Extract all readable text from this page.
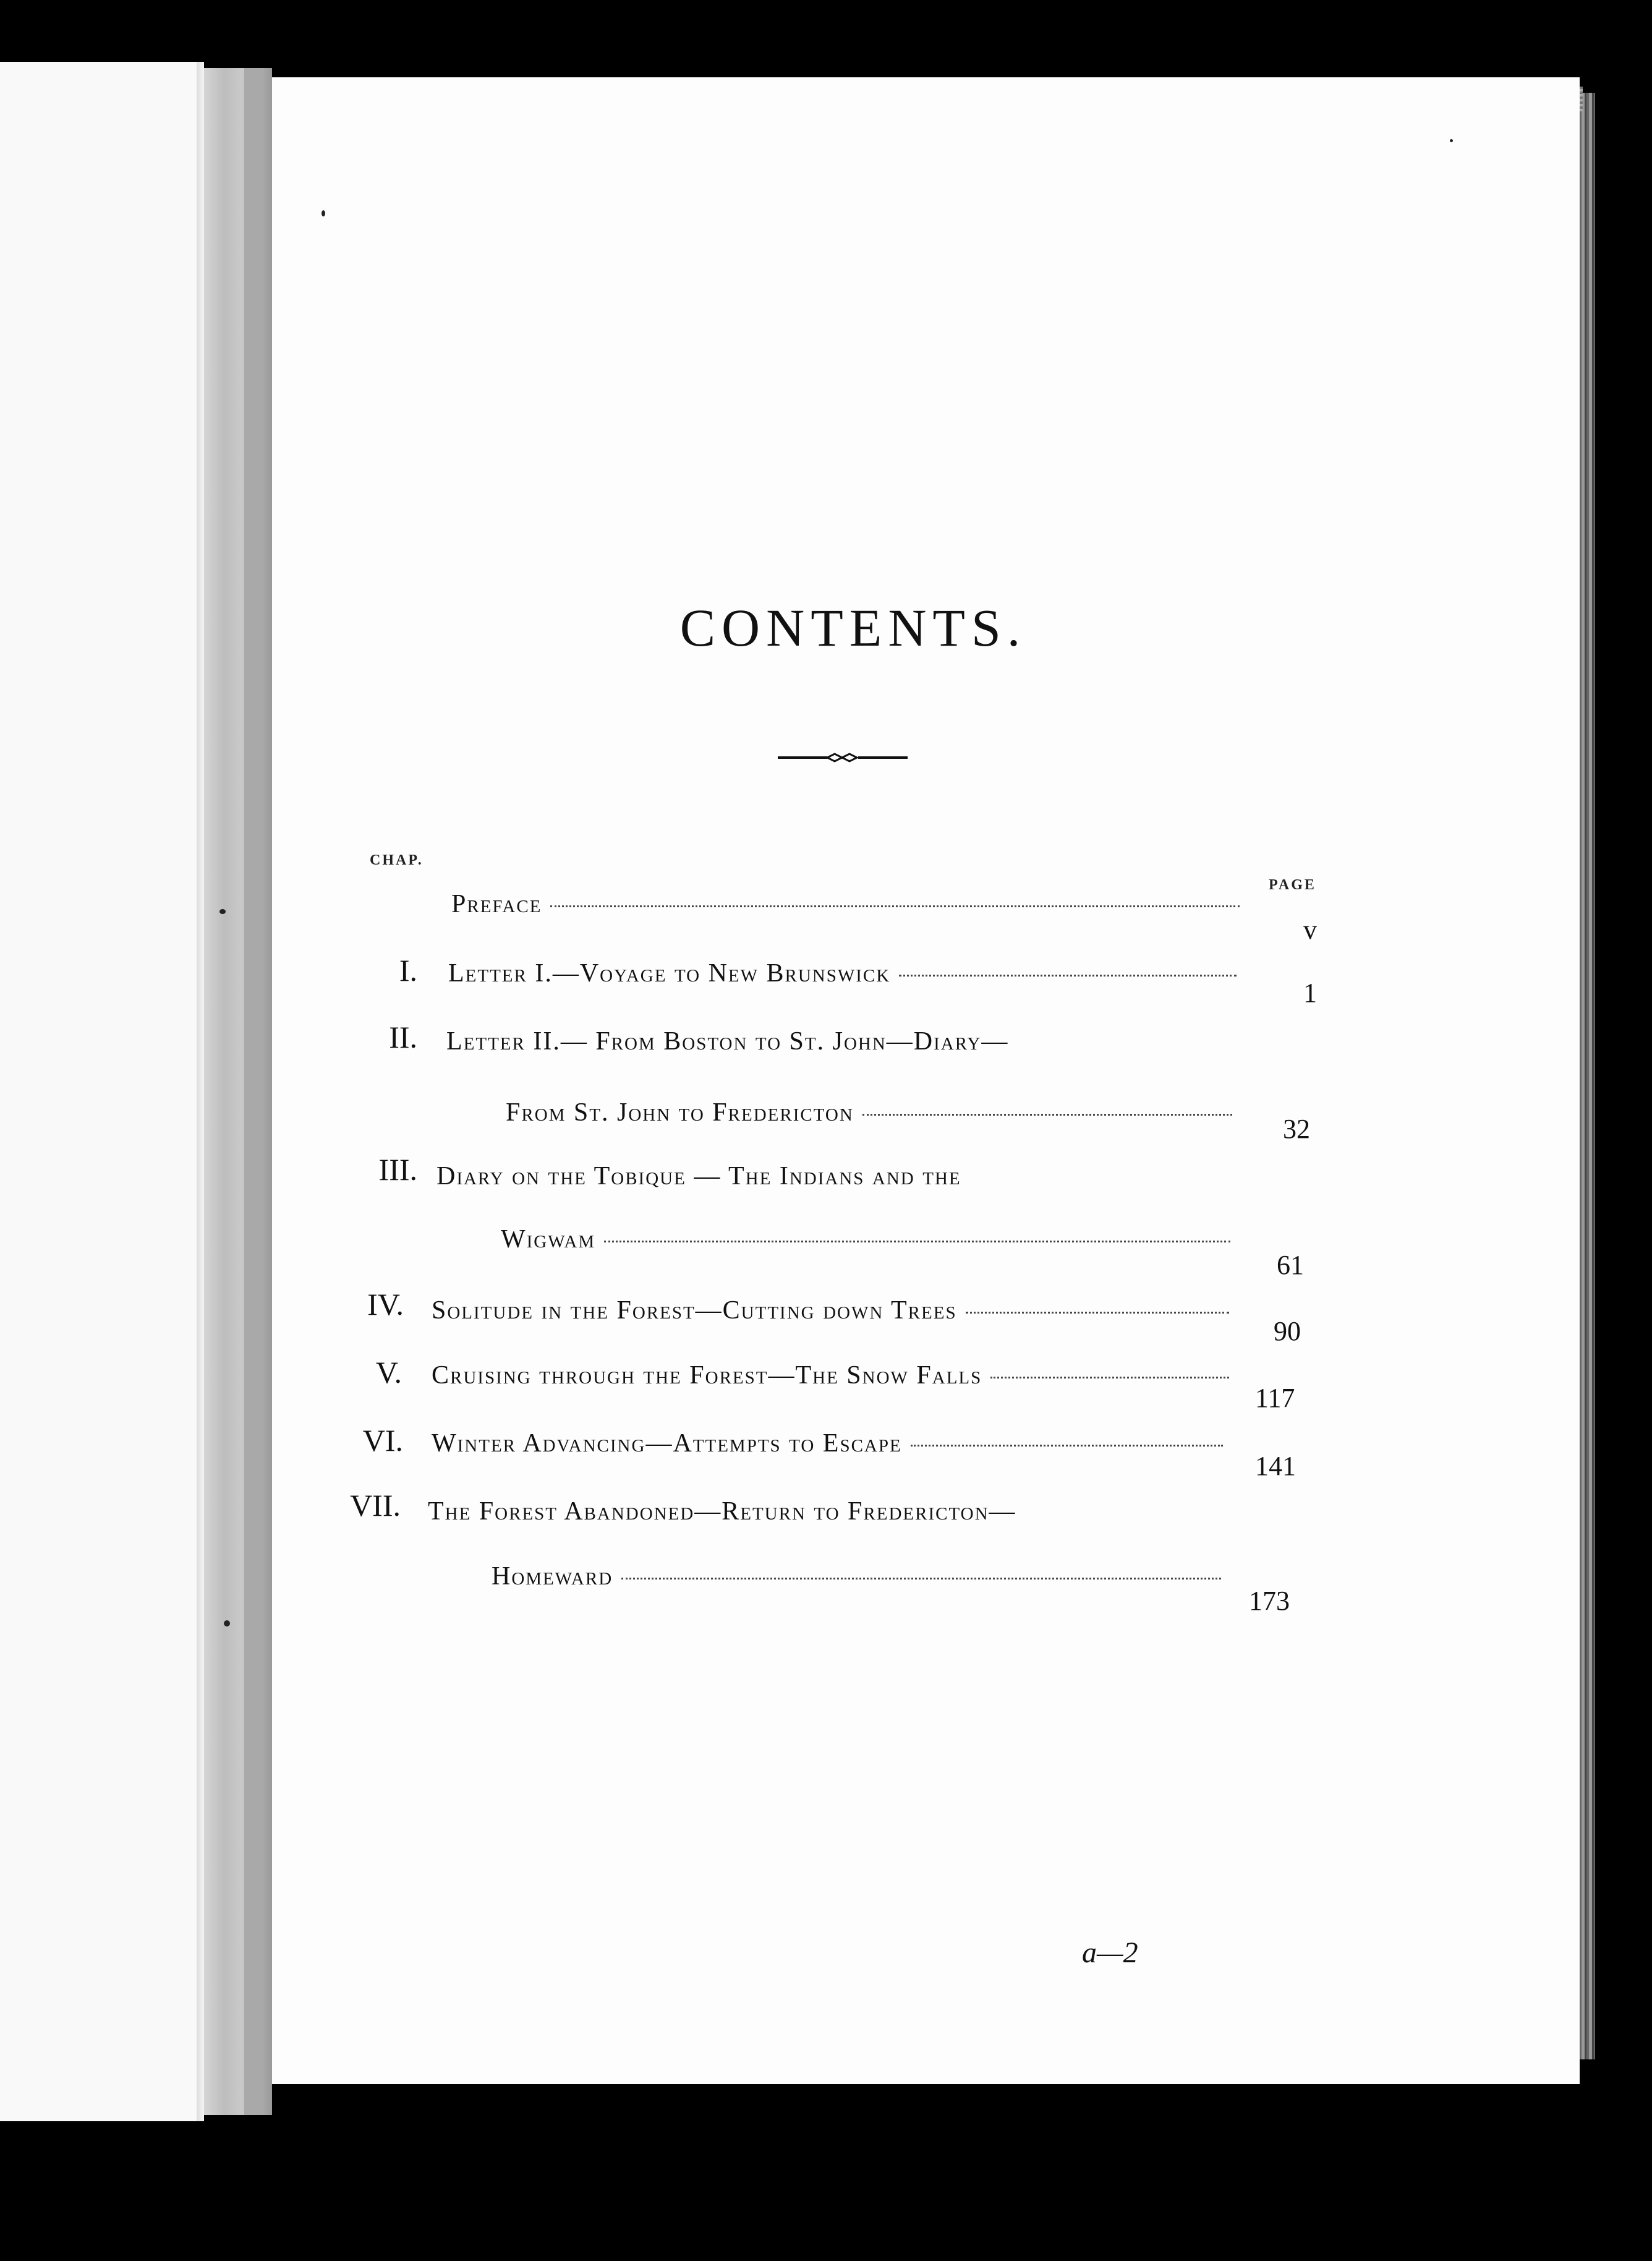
CONTENTS.
CHAP.
PAGE
Preface
v
I. Letter I.—Voyage to New Brunswick
1
II. Letter II.— From Boston to St. John—Diary—
From St. John to Fredericton
32
III. Diary on the Tobique — The Indians and the
Wigwam
61
IV. Solitude in the Forest—Cutting down Trees
90
V. Cruising through the Forest—The Snow Falls
117
VI. Winter Advancing—Attempts to Escape
141
VII. The Forest Abandoned—Return to Fredericton—
Homeward
173
a—2
